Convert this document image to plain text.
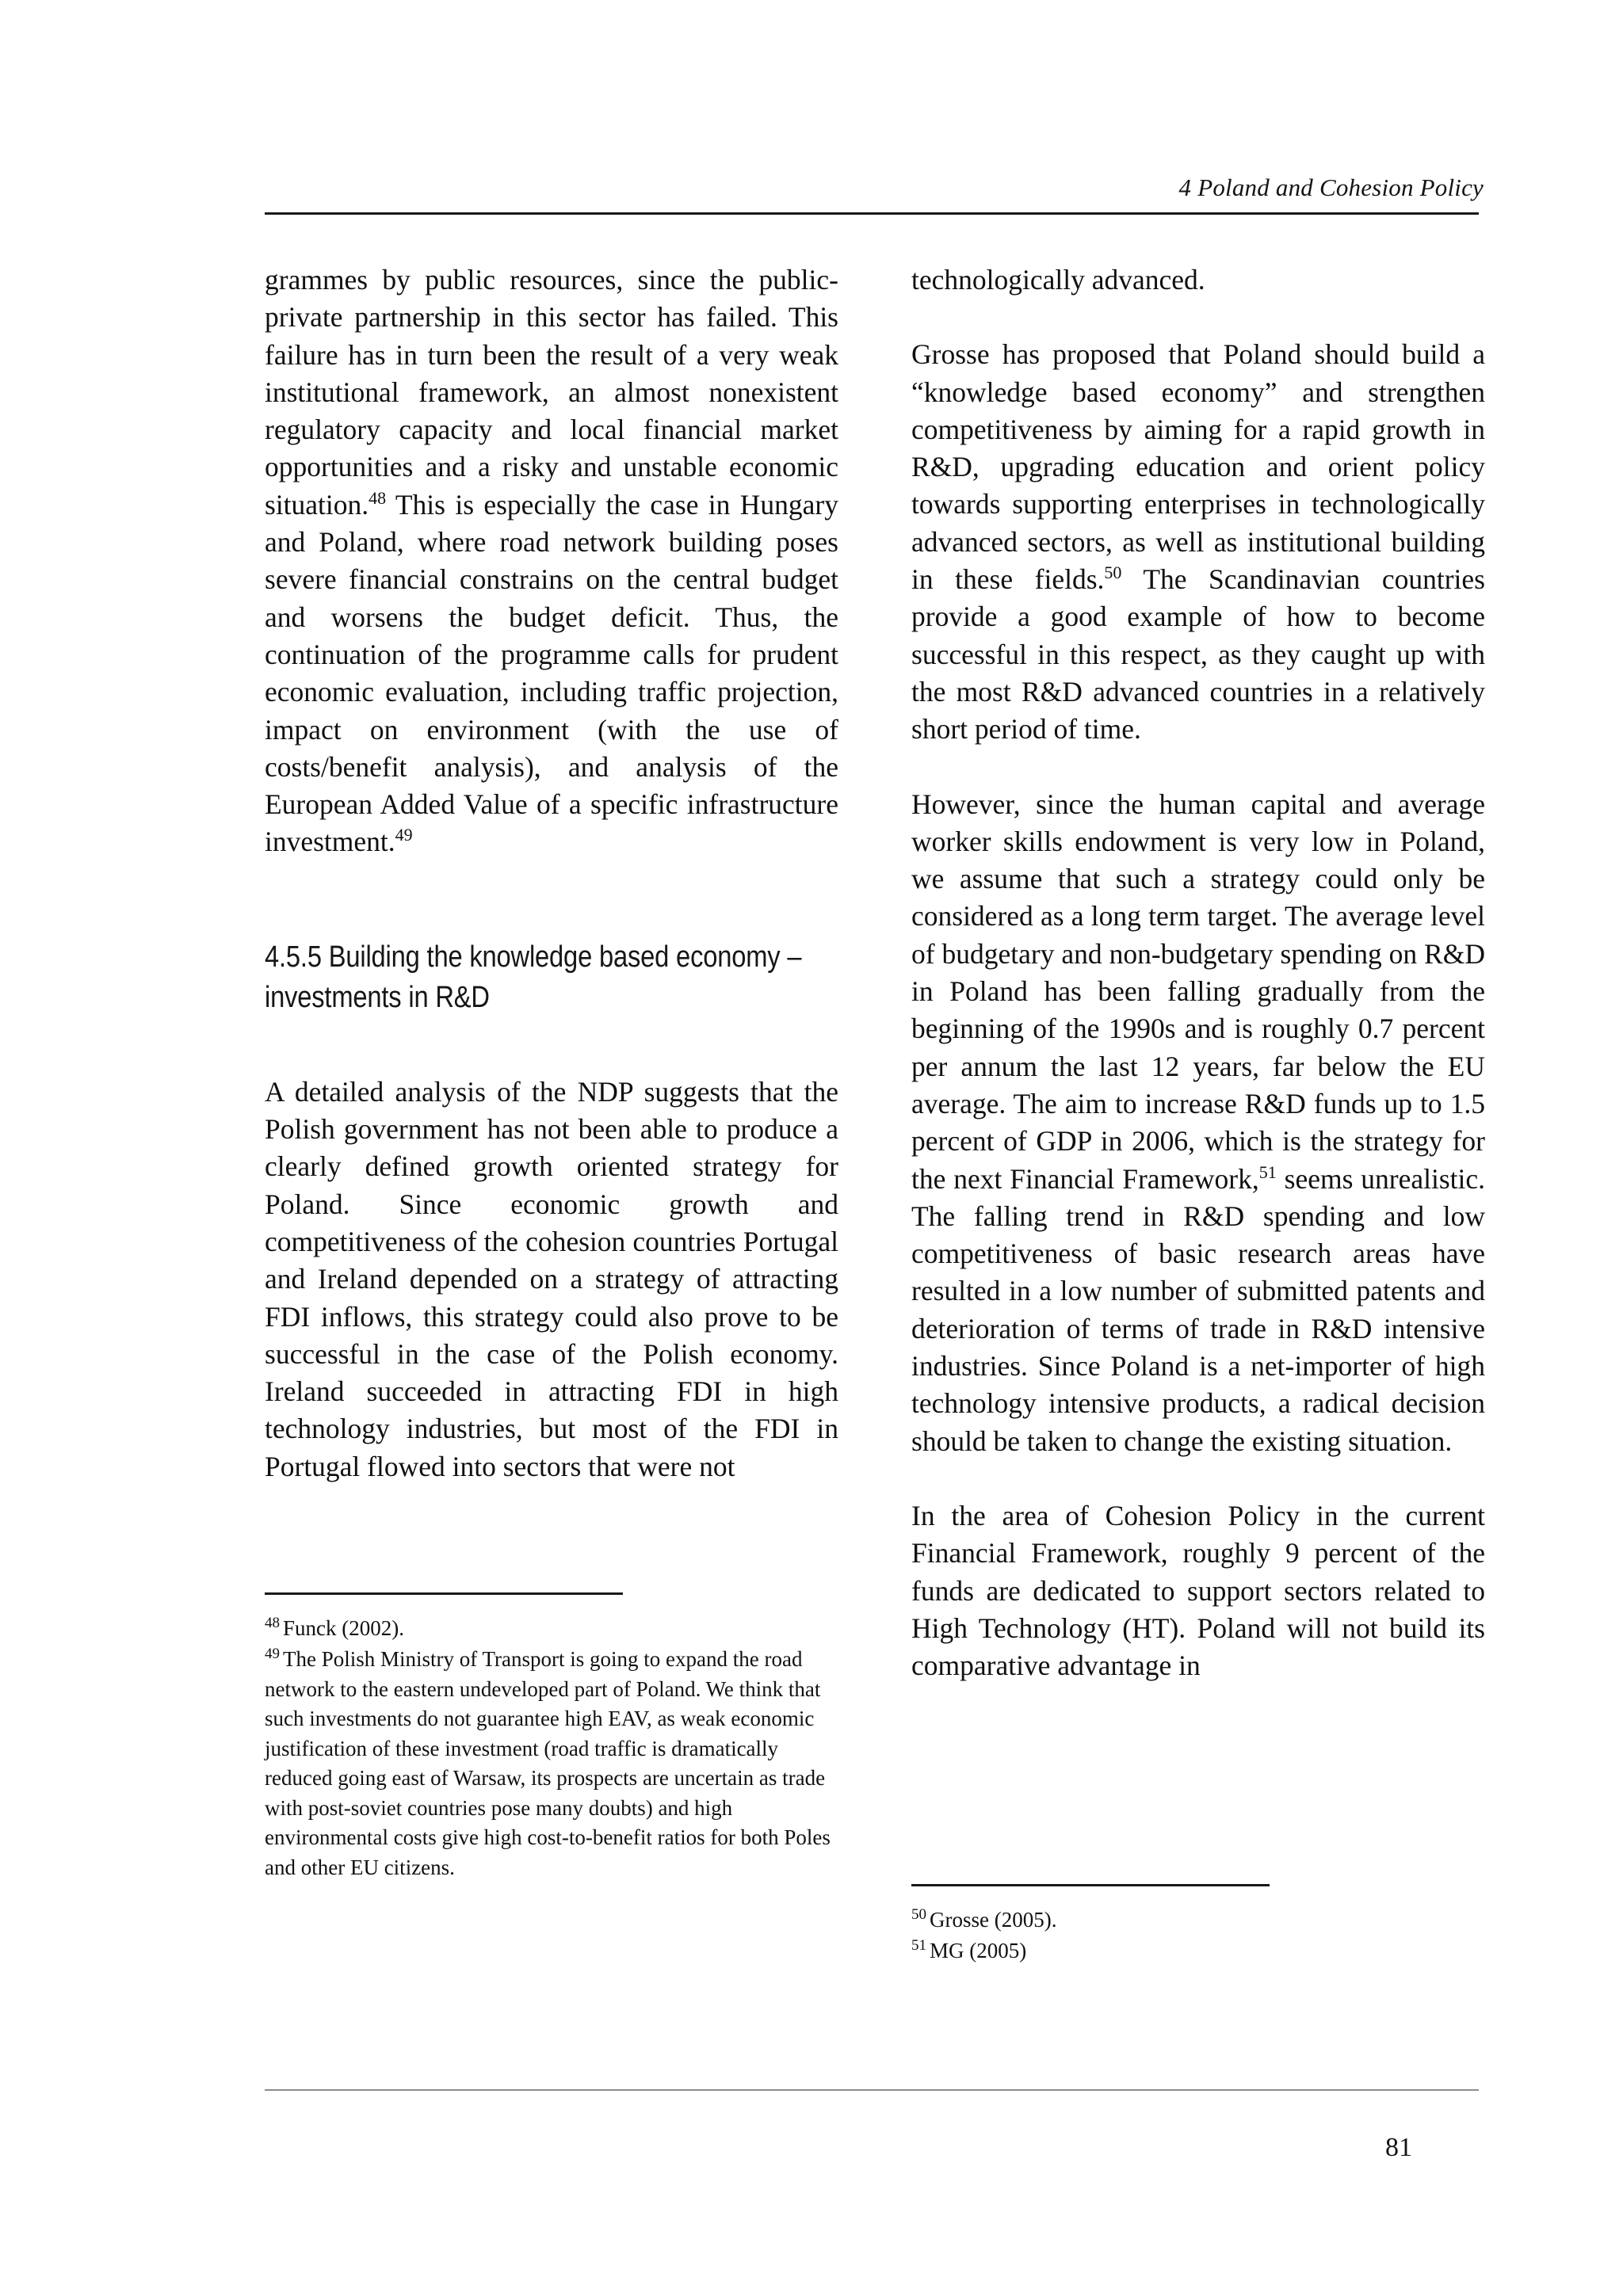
4 Poland and Cohesion Policy

grammes by public resources, since the public-private partnership in this sector has failed. This failure has in turn been the result of a very weak institutional framework, an almost nonexistent regulatory capacity and local financial market opportunities and a risky and unstable economic situation.$^{48}$ This is especially the case in Hungary and Poland, where road network building poses severe financial constrains on the central budget and worsens the budget deficit. Thus, the continuation of the programme calls for prudent economic evaluation, including traffic projection, impact on environment (with the use of costs/benefit analysis), and analysis of the European Added Value of a specific infrastructure investment.$^{49}$

4.5.5 Building the knowledge based economy – investments in R&D

A detailed analysis of the NDP suggests that the Polish government has not been able to produce a clearly defined growth oriented strategy for Poland. Since economic growth and competitiveness of the cohesion countries Portugal and Ireland depended on a strategy of attracting FDI inflows, this strategy could also prove to be successful in the case of the Polish economy. Ireland succeeded in attracting FDI in high technology industries, but most of the FDI in Portugal flowed into sectors that were not

$^{48}$ Funck (2002).

$^{49}$ The Polish Ministry of Transport is going to expand the road network to the eastern undeveloped part of Poland. We think that such investments do not guarantee high EAV, as weak economic justification of these investment (road traffic is dramatically reduced going east of Warsaw, its prospects are uncertain as trade with post-soviet countries pose many doubts) and high environmental costs give high cost-to-benefit ratios for both Poles and other EU citizens.

technologically advanced.

Grosse has proposed that Poland should build a “knowledge based economy” and strengthen competitiveness by aiming for a rapid growth in R&D, upgrading education and orient policy towards supporting enterprises in technologically advanced sectors, as well as institutional building in these fields.$^{50}$ The Scandinavian countries provide a good example of how to become successful in this respect, as they caught up with the most R&D advanced countries in a relatively short period of time.

However, since the human capital and average worker skills endowment is very low in Poland, we assume that such a strategy could only be considered as a long term target. The average level of budgetary and non-budgetary spending on R&D in Poland has been falling gradually from the beginning of the 1990s and is roughly 0.7 percent per annum the last 12 years, far below the EU average. The aim to increase R&D funds up to 1.5 percent of GDP in 2006, which is the strategy for the next Financial Framework,$^{51}$ seems unrealistic. The falling trend in R&D spending and low competitiveness of basic research areas have resulted in a low number of submitted patents and deterioration of terms of trade in R&D intensive industries. Since Poland is a net-importer of high technology intensive products, a radical decision should be taken to change the existing situation.

In the area of Cohesion Policy in the current Financial Framework, roughly 9 percent of the funds are dedicated to support sectors related to High Technology (HT). Poland will not build its comparative advantage in

$^{50}$ Grosse (2005).

$^{51}$ MG (2005)

81
